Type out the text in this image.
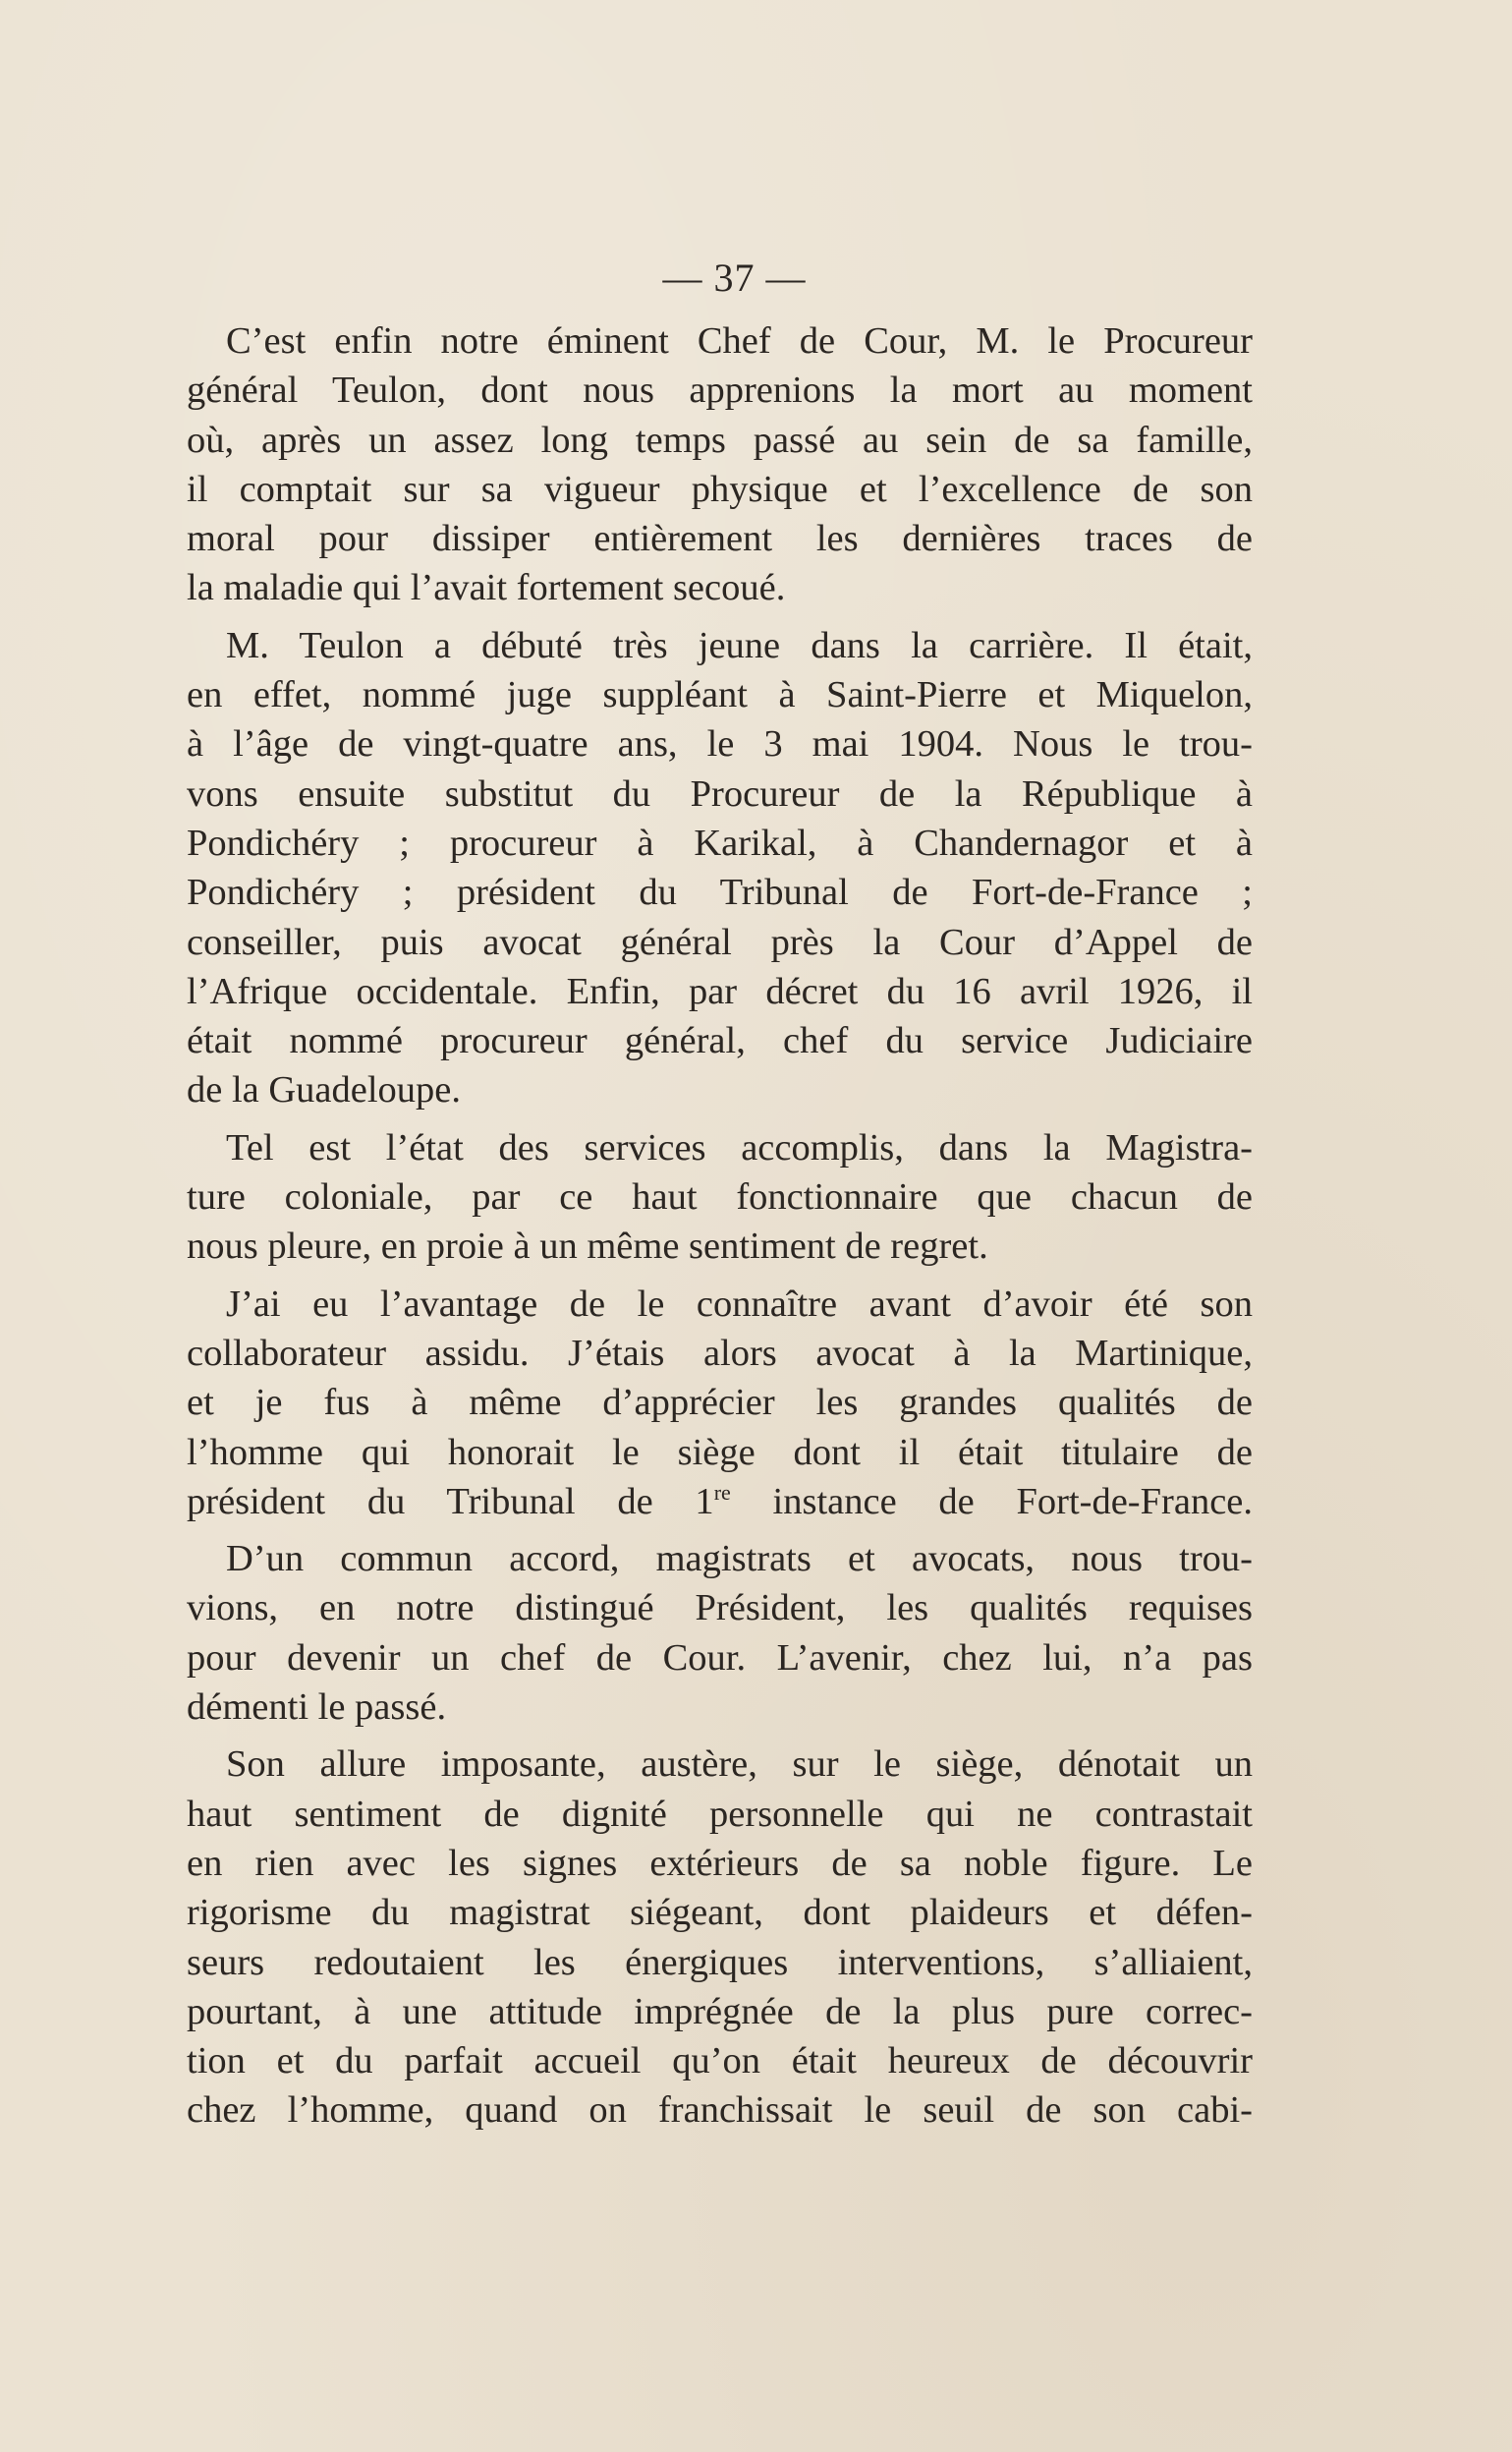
— 37 —
C’est enfin notre éminent Chef de Cour, M. le Procureur
général Teulon, dont nous apprenions la mort au moment
où, après un assez long temps passé au sein de sa famille,
il comptait sur sa vigueur physique et l’excellence de son
moral pour dissiper entièrement les dernières traces de
la maladie qui l’avait fortement secoué.
M. Teulon a débuté très jeune dans la carrière. Il était,
en effet, nommé juge suppléant à Saint-Pierre et Miquelon,
à l’âge de vingt-quatre ans, le 3 mai 1904. Nous le trou-
vons ensuite substitut du Procureur de la République à
Pondichéry ; procureur à Karikal, à Chandernagor et à
Pondichéry ; président du Tribunal de Fort-de-France ;
conseiller, puis avocat général près la Cour d’Appel de
l’Afrique occidentale. Enfin, par décret du 16 avril 1926, il
était nommé procureur général, chef du service Judiciaire
de la Guadeloupe.
Tel est l’état des services accomplis, dans la Magistra-
ture coloniale, par ce haut fonctionnaire que chacun de
nous pleure, en proie à un même sentiment de regret.
J’ai eu l’avantage de le connaître avant d’avoir été son
collaborateur assidu. J’étais alors avocat à la Martinique,
et je fus à même d’apprécier les grandes qualités de
l’homme qui honorait le siège dont il était titulaire de
président du Tribunal de 1re instance de Fort-de-France.
D’un commun accord, magistrats et avocats, nous trou-
vions, en notre distingué Président, les qualités requises
pour devenir un chef de Cour. L’avenir, chez lui, n’a pas
démenti le passé.
Son allure imposante, austère, sur le siège, dénotait un
haut sentiment de dignité personnelle qui ne contrastait
en rien avec les signes extérieurs de sa noble figure. Le
rigorisme du magistrat siégeant, dont plaideurs et défen-
seurs redoutaient les énergiques interventions, s’alliaient,
pourtant, à une attitude imprégnée de la plus pure correc-
tion et du parfait accueil qu’on était heureux de découvrir
chez l’homme, quand on franchissait le seuil de son cabi-
